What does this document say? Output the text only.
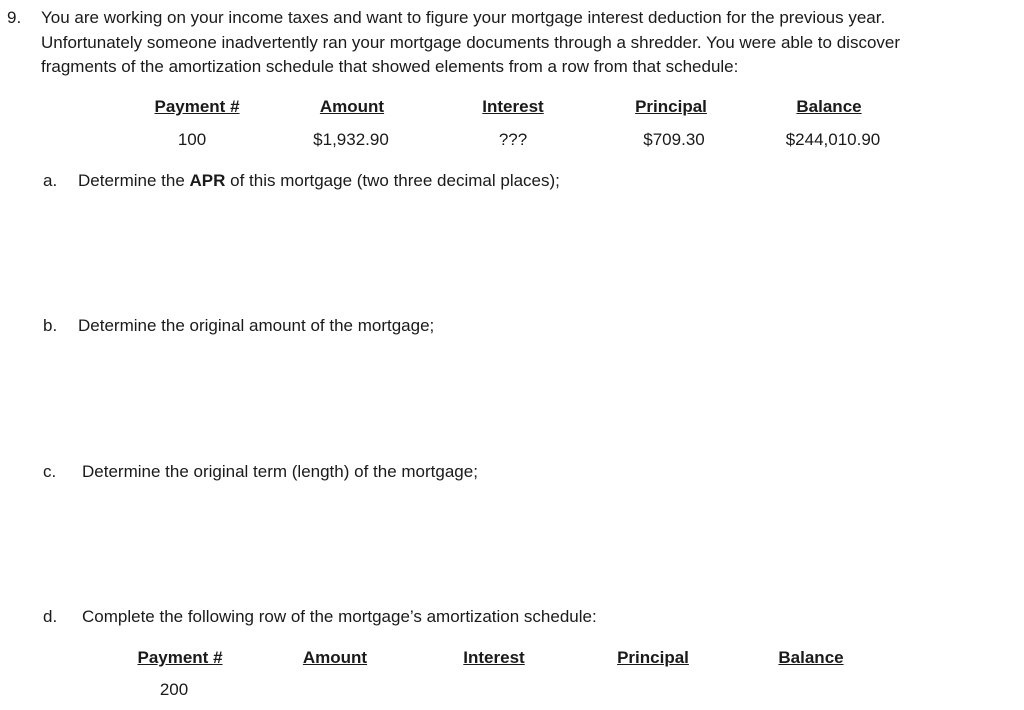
9. You are working on your income taxes and want to figure your mortgage interest deduction for the previous year.
Unfortunately someone inadvertently ran your mortgage documents through a shredder. You were able to discover
fragments of the amortization schedule that showed elements from a row from that schedule:
Payment #	Amount	Interest	Principal	Balance
100	$1,932.90	???	$709.30	$244,010.90
a. Determine the APR of this mortgage (two three decimal places);
b. Determine the original amount of the mortgage;
c. Determine the original term (length) of the mortgage;
d. Complete the following row of the mortgage’s amortization schedule:
Payment #	Amount	Interest	Principal	Balance
200
